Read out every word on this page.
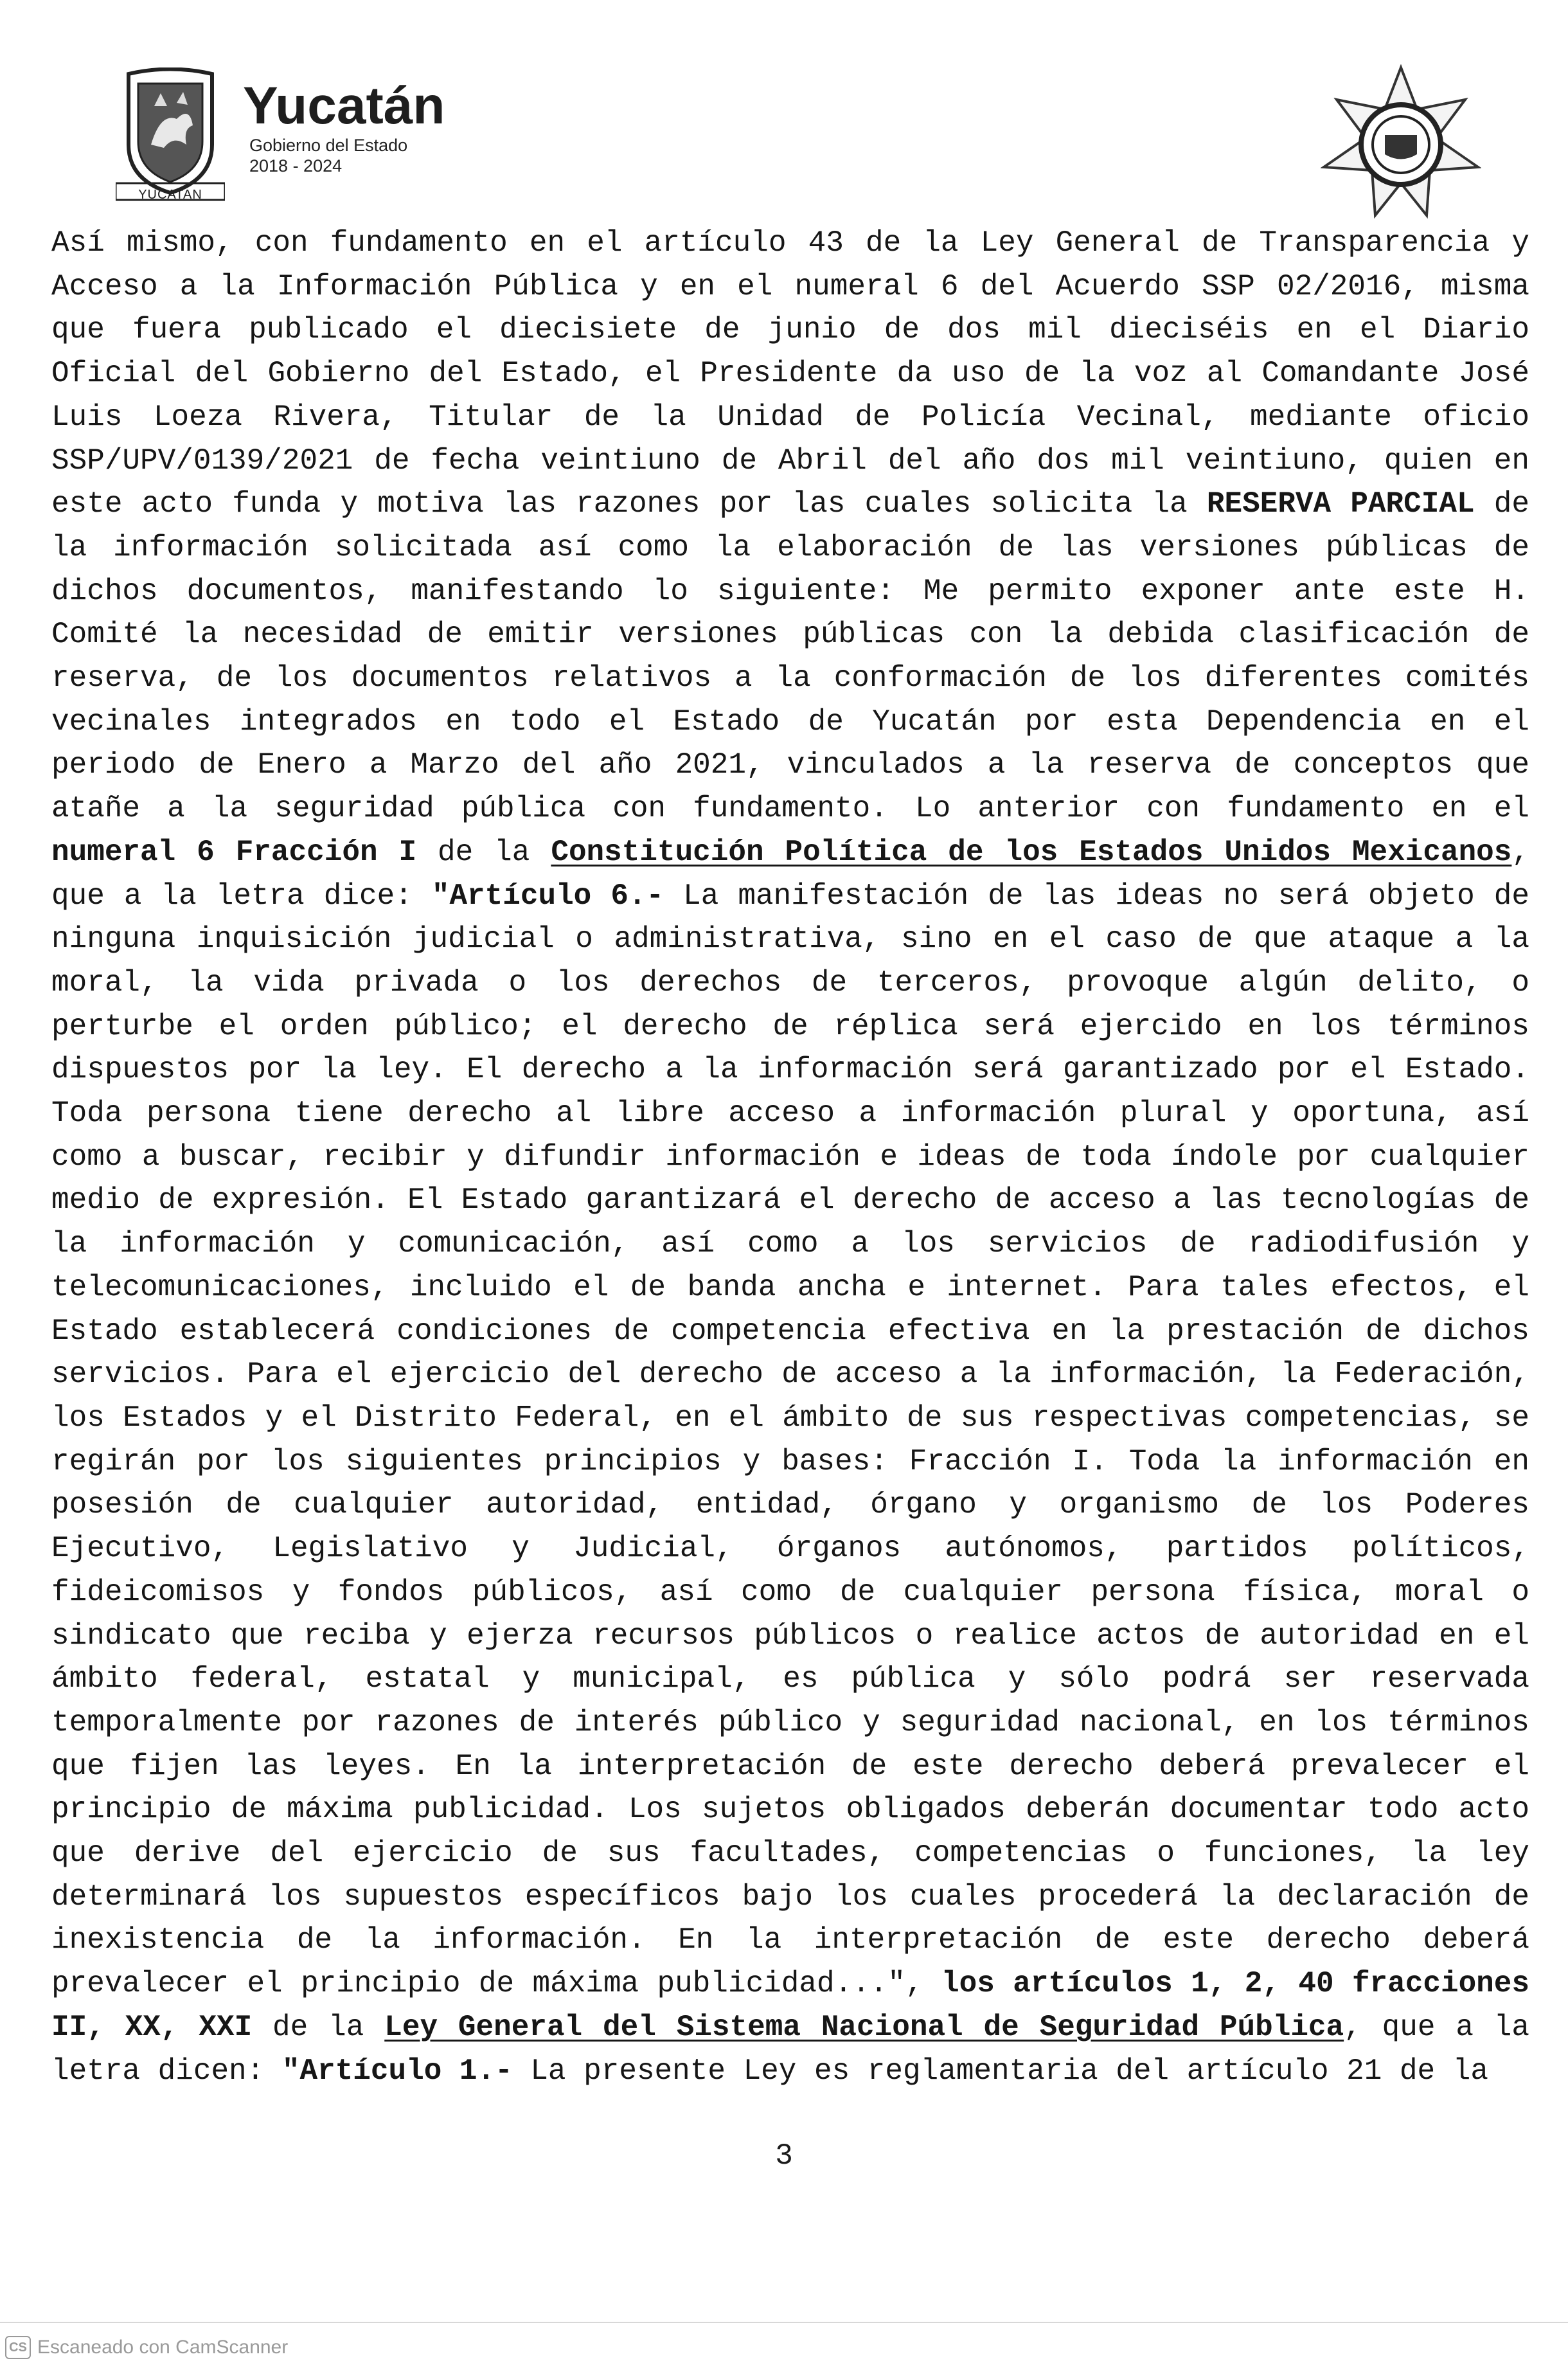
YUCATAN
Yucatán
Gobierno del Estado
2018 - 2024

Así mismo, con fundamento en el artículo 43 de la Ley General de Transparencia y Acceso a la Información Pública y en el numeral 6 del Acuerdo SSP 02/2016, misma que fuera publicado el diecisiete de junio de dos mil dieciséis en el Diario Oficial del Gobierno del Estado, el Presidente da uso de la voz al Comandante José Luis Loeza Rivera, Titular de la Unidad de Policía Vecinal, mediante oficio SSP/UPV/0139/2021 de fecha veintiuno de Abril del año dos mil veintiuno, quien en este acto funda y motiva las razones por las cuales solicita la RESERVA PARCIAL de la información solicitada así como la elaboración de las versiones públicas de dichos documentos, manifestando lo siguiente: Me permito exponer ante este H. Comité la necesidad de emitir versiones públicas con la debida clasificación de reserva, de los documentos relativos a la conformación de los diferentes comités vecinales integrados en todo el Estado de Yucatán por esta Dependencia en el periodo de Enero a Marzo del año 2021, vinculados a la reserva de conceptos que atañe a la seguridad pública con fundamento. Lo anterior con fundamento en el numeral 6 Fracción I de la Constitución Política de los Estados Unidos Mexicanos, que a la letra dice: "Artículo 6.- La manifestación de las ideas no será objeto de ninguna inquisición judicial o administrativa, sino en el caso de que ataque a la moral, la vida privada o los derechos de terceros, provoque algún delito, o perturbe el orden público; el derecho de réplica será ejercido en los términos dispuestos por la ley. El derecho a la información será garantizado por el Estado. Toda persona tiene derecho al libre acceso a información plural y oportuna, así como a buscar, recibir y difundir información e ideas de toda índole por cualquier medio de expresión. El Estado garantizará el derecho de acceso a las tecnologías de la información y comunicación, así como a los servicios de radiodifusión y telecomunicaciones, incluido el de banda ancha e internet. Para tales efectos, el Estado establecerá condiciones de competencia efectiva en la prestación de dichos servicios. Para el ejercicio del derecho de acceso a la información, la Federación, los Estados y el Distrito Federal, en el ámbito de sus respectivas competencias, se regirán por los siguientes principios y bases: Fracción I. Toda la información en posesión de cualquier autoridad, entidad, órgano y organismo de los Poderes Ejecutivo, Legislativo y Judicial, órganos autónomos, partidos políticos, fideicomisos y fondos públicos, así como de cualquier persona física, moral o sindicato que reciba y ejerza recursos públicos o realice actos de autoridad en el ámbito federal, estatal y municipal, es pública y sólo podrá ser reservada temporalmente por razones de interés público y seguridad nacional, en los términos que fijen las leyes. En la interpretación de este derecho deberá prevalecer el principio de máxima publicidad. Los sujetos obligados deberán documentar todo acto que derive del ejercicio de sus facultades, competencias o funciones, la ley determinará los supuestos específicos bajo los cuales procederá la declaración de inexistencia de la información. En la interpretación de este derecho deberá prevalecer el principio de máxima publicidad...", los artículos 1, 2, 40 fracciones II, XX, XXI de la Ley General del Sistema Nacional de Seguridad Pública, que a la letra dicen: "Artículo 1.- La presente Ley es reglamentaria del artículo 21 de la

3
CS Escaneado con CamScanner
